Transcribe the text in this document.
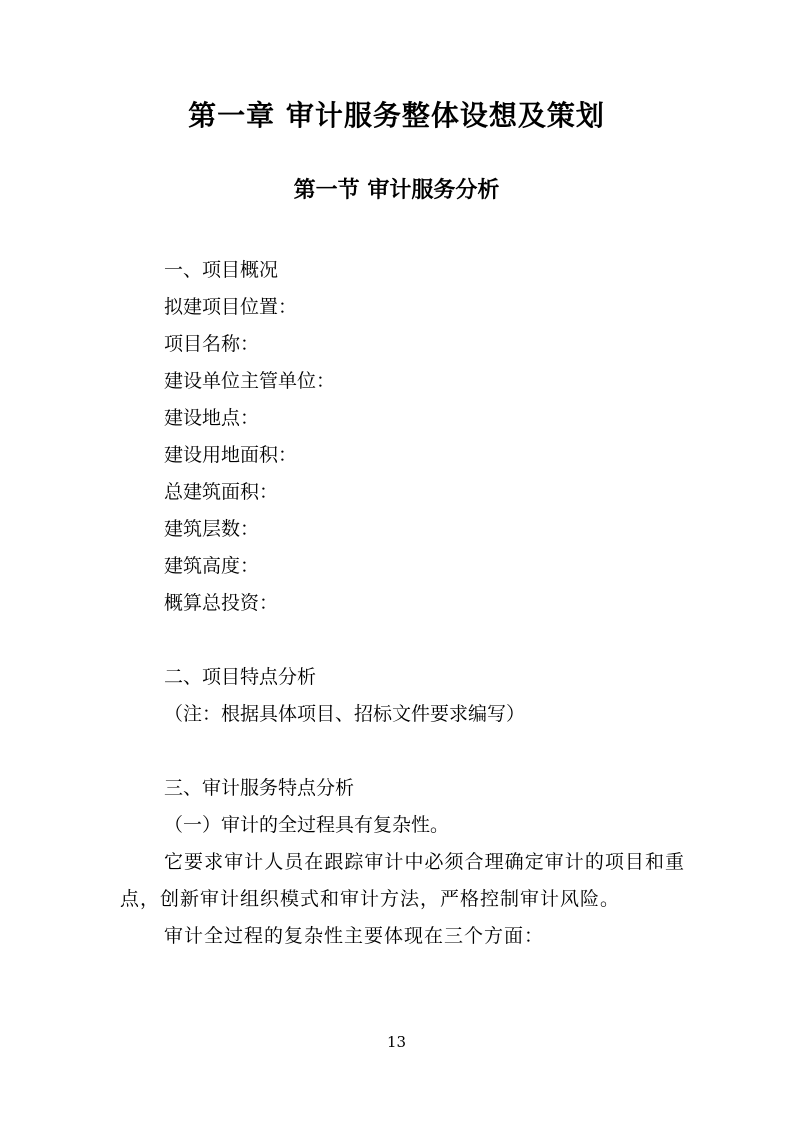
第一章 审计服务整体设想及策划
第一节 审计服务分析
一、项目概况
拟建项目位置：
项目名称：
建设单位主管单位：
建设地点：
建设用地面积：
总建筑面积：
建筑层数：
建筑高度：
概算总投资：
二、项目特点分析
（注：根据具体项目、招标文件要求编写）
三、审计服务特点分析
（一）审计的全过程具有复杂性。
它要求审计人员在跟踪审计中必须合理确定审计的项目和重点，创新审计组织模式和审计方法，严格控制审计风险。
审计全过程的复杂性主要体现在三个方面：
13
